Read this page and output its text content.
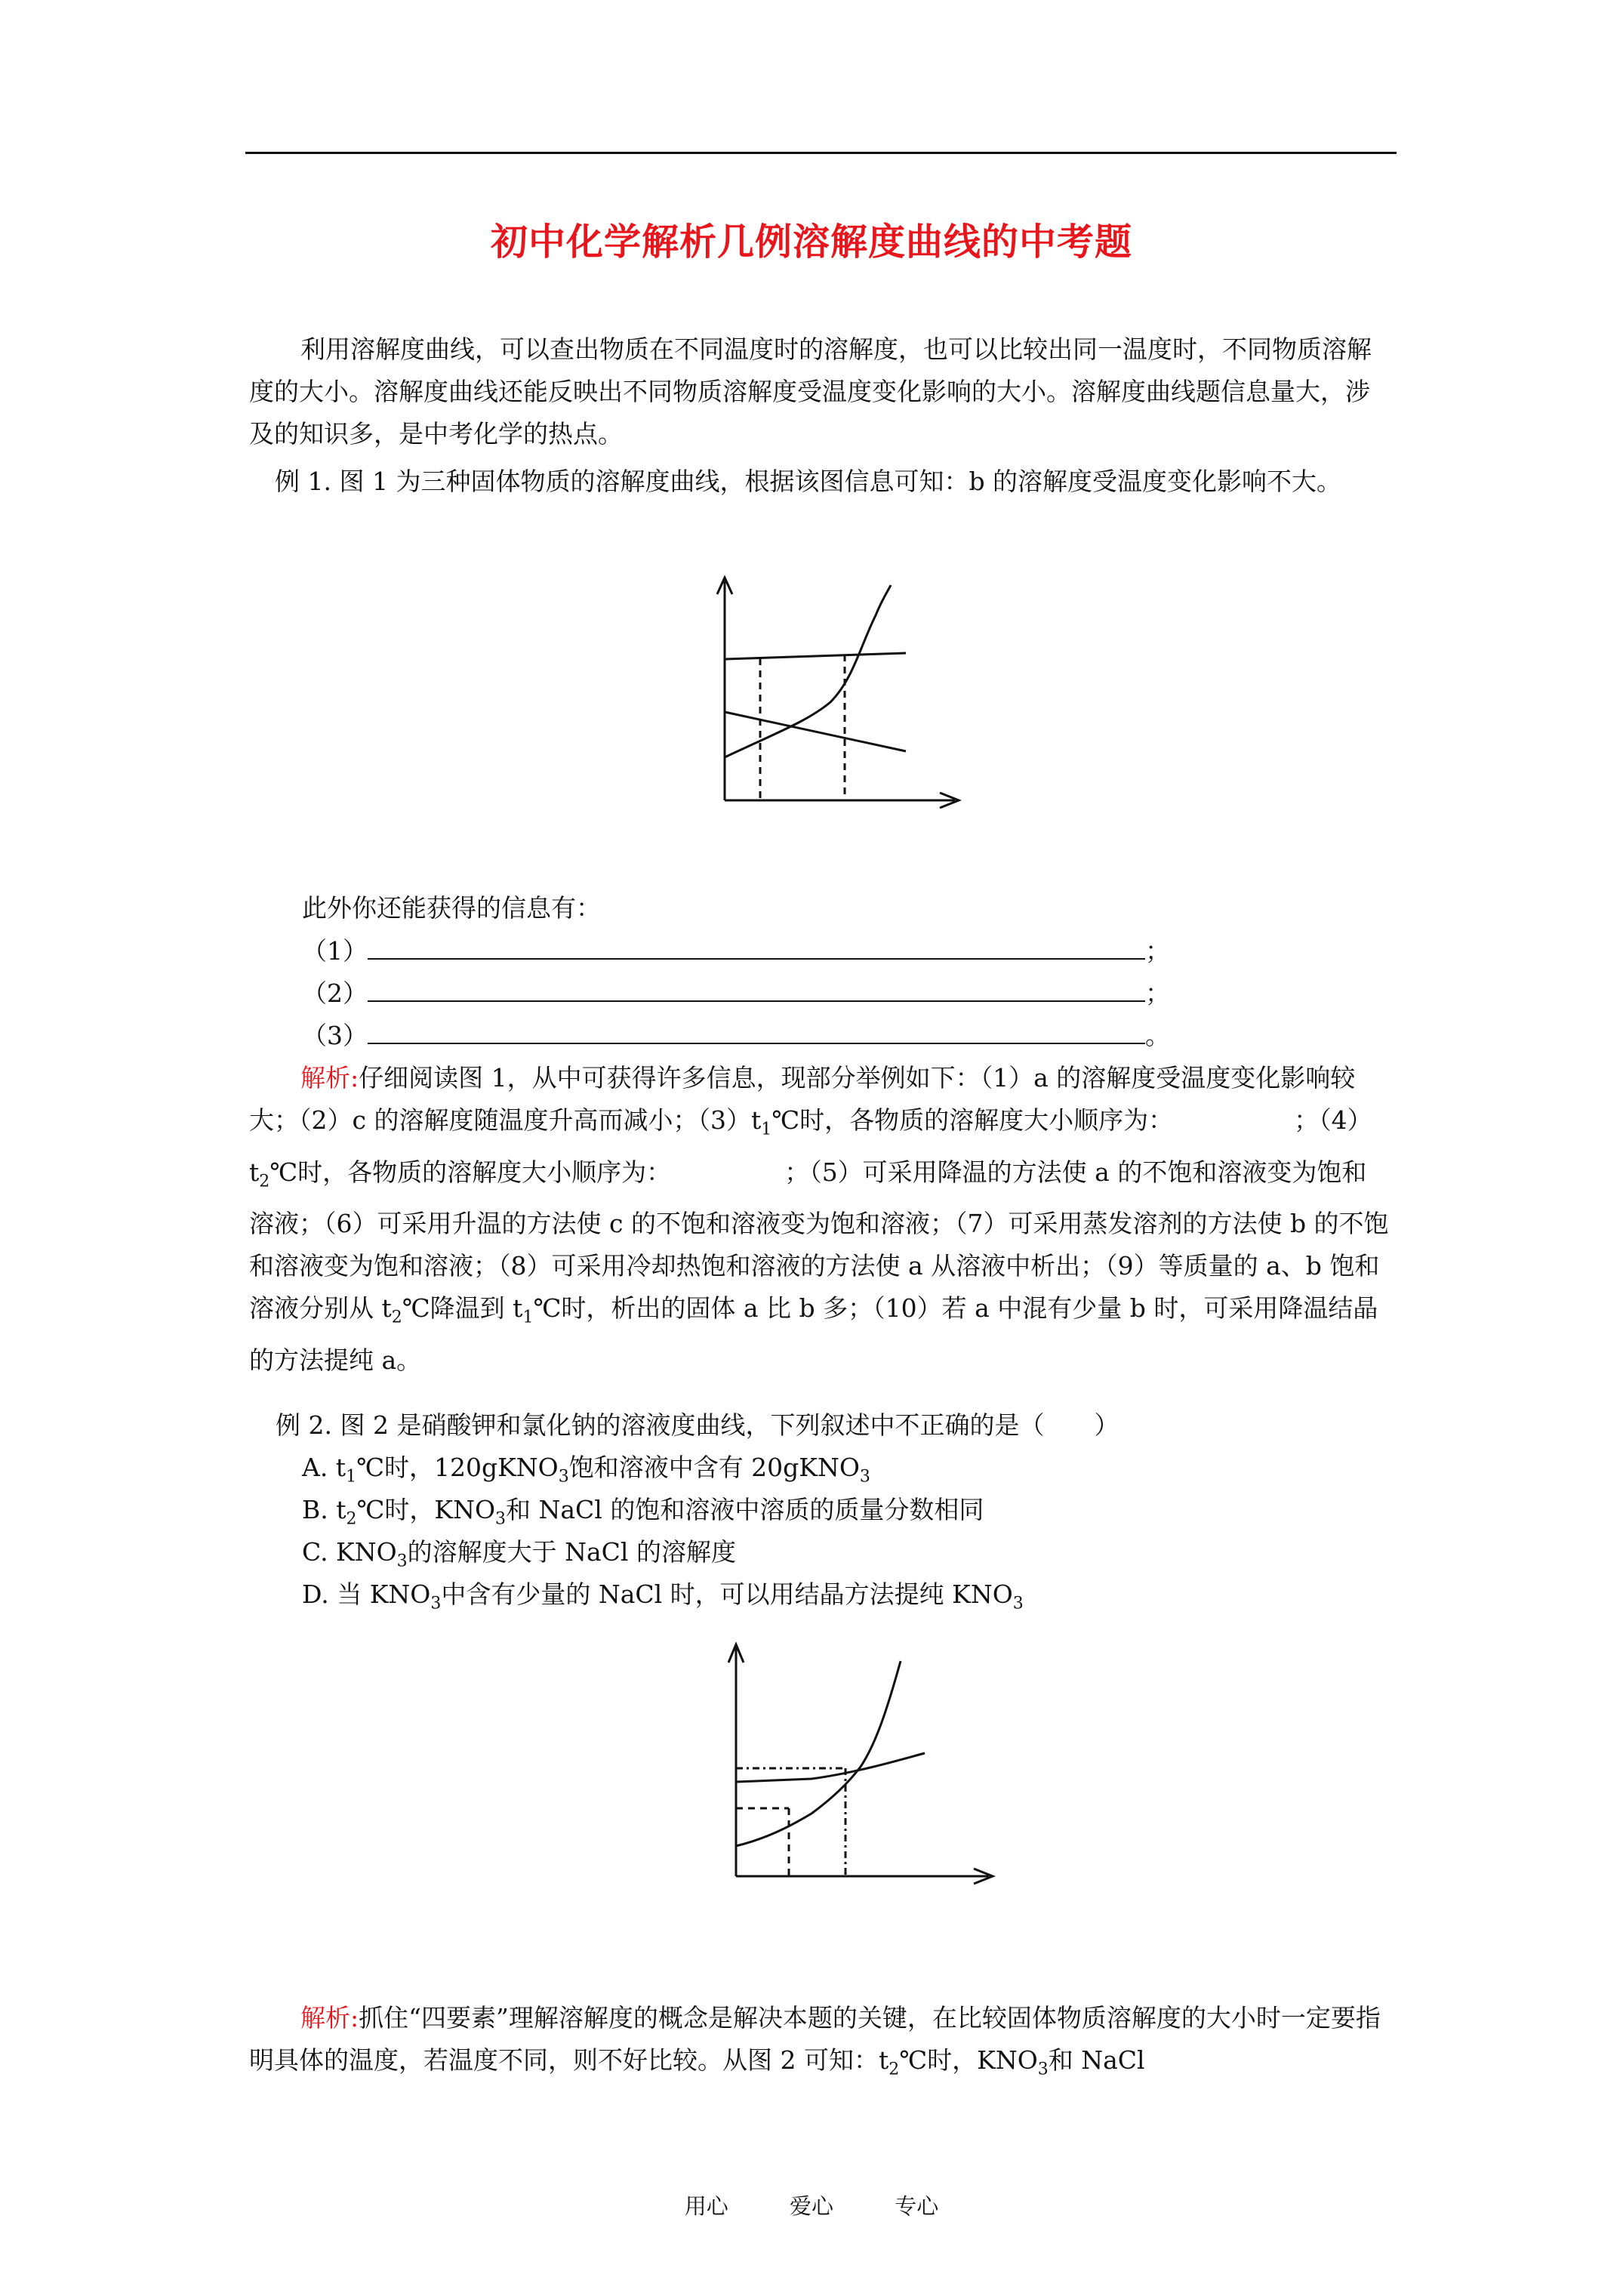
初中化学解析几例溶解度曲线的中考题

利用溶解度曲线，可以查出物质在不同温度时的溶解度，也可以比较出同一温度时，不同物质溶解度的大小。溶解度曲线还能反映出不同物质溶解度受温度变化影响的大小。溶解度曲线题信息量大，涉及的知识多，是中考化学的热点。

例 1. 图 1 为三种固体物质的溶解度曲线，根据该图信息可知：b 的溶解度受温度变化影响不大。

此外你还能获得的信息有：

（1）	；
（2）	；
（3）	。

解析:仔细阅读图 1，从中可获得许多信息，现部分举例如下：（1）a 的溶解度受温度变化影响较大；（2）c 的溶解度随温度升高而减小；$(3)t_1℃$时，各物质的溶解度大小顺序为：	；$(4)t_2℃$时，各物质的溶解度大小顺序为：	；（5）可采用降温的方法使 a 的不饱和溶液变为饱和溶液；（6）可采用升温的方法使 c 的不饱和溶液变为饱和溶液；（7）可采用蒸发溶剂的方法使 b 的不饱和溶液变为饱和溶液；（8）可采用冷却热饱和溶液的方法使 a 从溶液中析出；（9）等质量的 a、b 饱和溶液分别从 $t_2℃$降温到 $t_1℃$时，析出的固体 a 比 b 多；（10）若 a 中混有少量 b 时，可采用降温结晶的方法提纯 a。

例 2. 图 2 是硝酸钾和氯化钠的溶液度曲线，下列叙述中不正确的是（　　）

A. $t_1℃$时，120gKNO$_3$饱和溶液中含有 20gKNO$_3$
B. $t_2℃$时，$KNO_3$和 NaCl 的饱和溶液中溶质的质量分数相同
C. $KNO_3$的溶解度大于 NaCl 的溶解度
D. 当 $KNO_3$中含有少量的 NaCl 时，可以用结晶方法提纯 $KNO_3$

解析:抓住“四要素”理解溶解度的概念是解决本题的关键，在比较固体物质溶解度的大小时一定要指明具体的温度，若温度不同，则不好比较。从图 2 可知：$t_2℃$时，$KNO_3$和 NaCl

用心	爱心	专心
